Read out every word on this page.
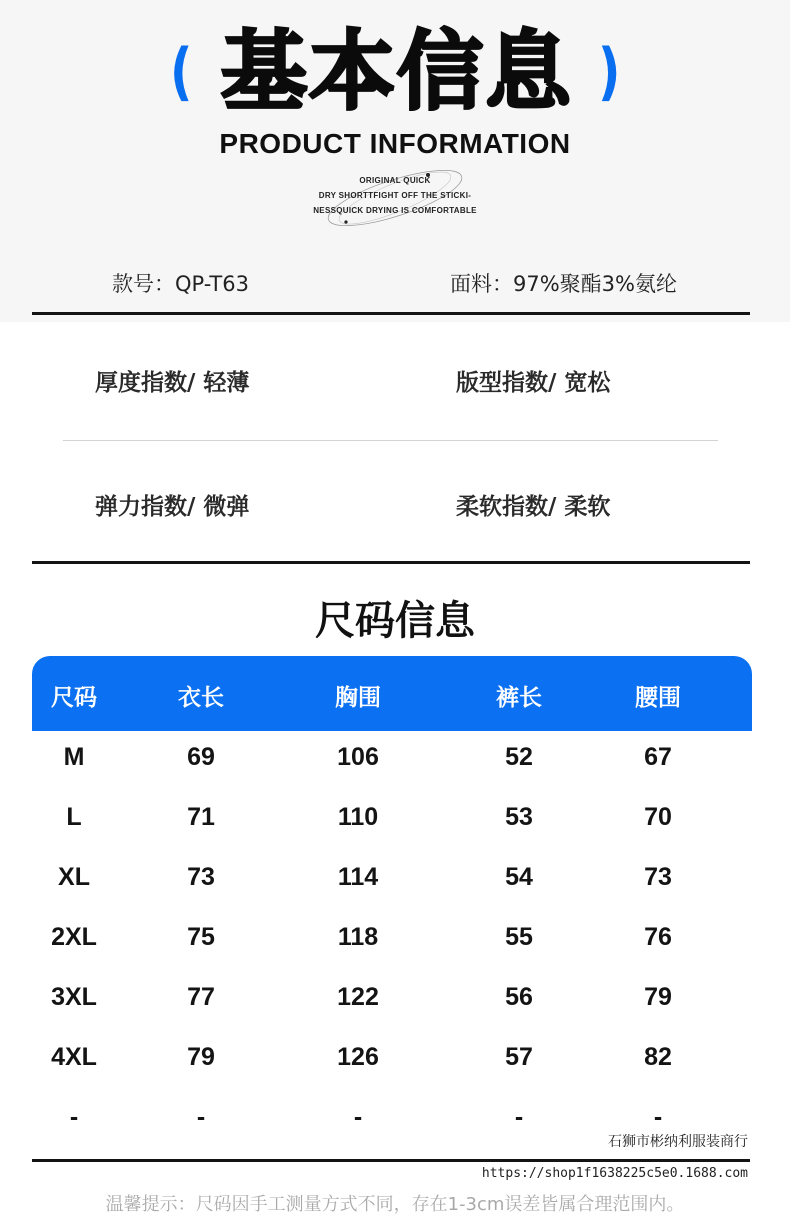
( 基本信息 )
PRODUCT INFORMATION
ORIGINAL QUICK
DRY SHORTTFIGHT OFF THE STICKI-
NESSQUICK DRYING IS COMFORTABLE
款号：QP-T63	面料：97%聚酯3%氨纶
厚度指数/ 轻薄	版型指数/ 宽松
弹力指数/ 微弹	柔软指数/ 柔软
尺码信息
尺码	衣长	胸围	裤长	腰围
M	69	106	52	67
L	71	110	53	70
XL	73	114	54	73
2XL	75	118	55	76
3XL	77	122	56	79
4XL	79	126	57	82
-	-	-	-	-
石狮市彬纳利服装商行
https://shop1f1638225c5e0.1688.com
温馨提示：尺码因手工测量方式不同，存在1-3cm误差皆属合理范围内。
